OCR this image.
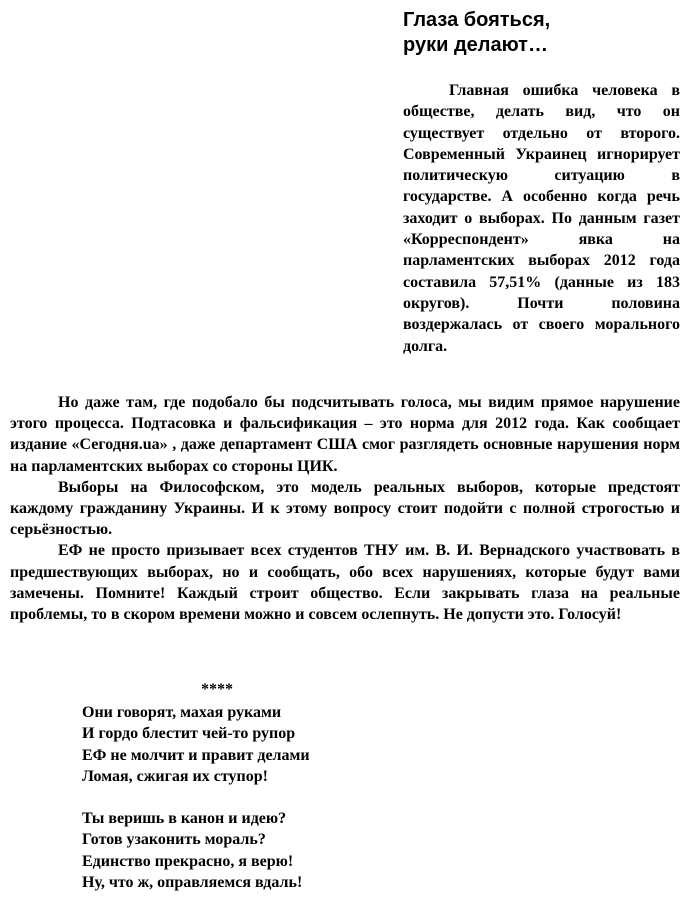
Глаза бояться,
руки делают…

Главная ошибка человека в обществе, делать вид, что он существует отдельно от второго. Современный Украинец игнорирует политическую ситуацию в государстве. А особенно когда речь заходит о выборах. По данным газет «Корреспондент» явка на парламентских выборах 2012 года составила 57,51% (данные из 183 округов). Почти половина воздержалась от своего морального долга.

Но даже там, где подобало бы подсчитывать голоса, мы видим прямое нарушение этого процесса. Подтасовка и фальсификация – это норма для 2012 года. Как сообщает издание «Сегодня.ua» , даже департамент США смог разглядеть основные нарушения норм на парламентских выборах со стороны ЦИК.

Выборы на Философском, это модель реальных выборов, которые предстоят каждому гражданину Украины. И к этому вопросу стоит подойти с полной строгостью и серьёзностью.

ЕФ не просто призывает всех студентов ТНУ им. В. И. Вернадского участвовать в предшествующих выборах, но и сообщать, обо всех нарушениях, которые будут вами замечены. Помните! Каждый строит общество. Если закрывать глаза на реальные проблемы, то в скором времени можно и совсем ослепнуть. Не допусти это. Голосуй!

****
Они говорят, махая руками
И гордо блестит чей-то рупор
ЕФ не молчит и правит делами
Ломая, сжигая их ступор!
Ты веришь в канон и идею?
Готов узаконить мораль?
Единство прекрасно, я верю!
Ну, что ж, оправляемся вдаль!
